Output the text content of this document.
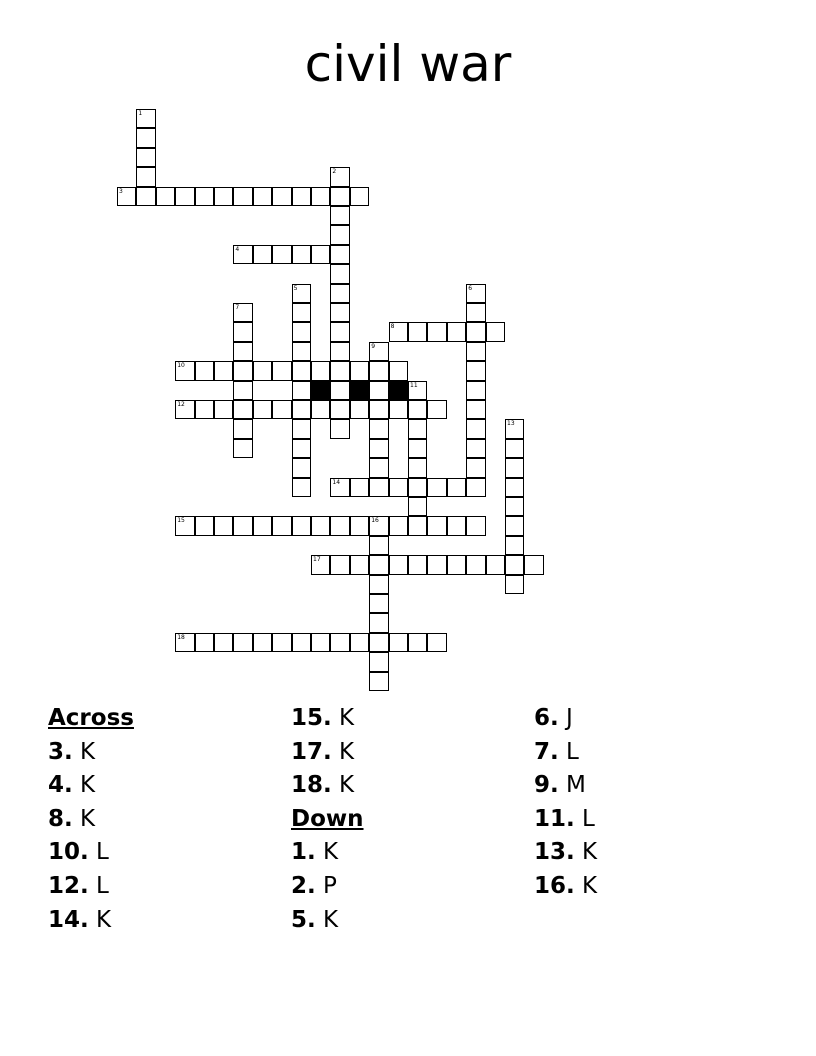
civil war
1
2
3
4
5	6
7
8
9
10
11
12
13
14
15	16
17
18
Across
3. K
4. K
8. K
10. L
12. L
14. K
15. K
17. K
18. K
Down
1. K
2. P
5. K
6. J
7. L
9. M
11. L
13. K
16. K
